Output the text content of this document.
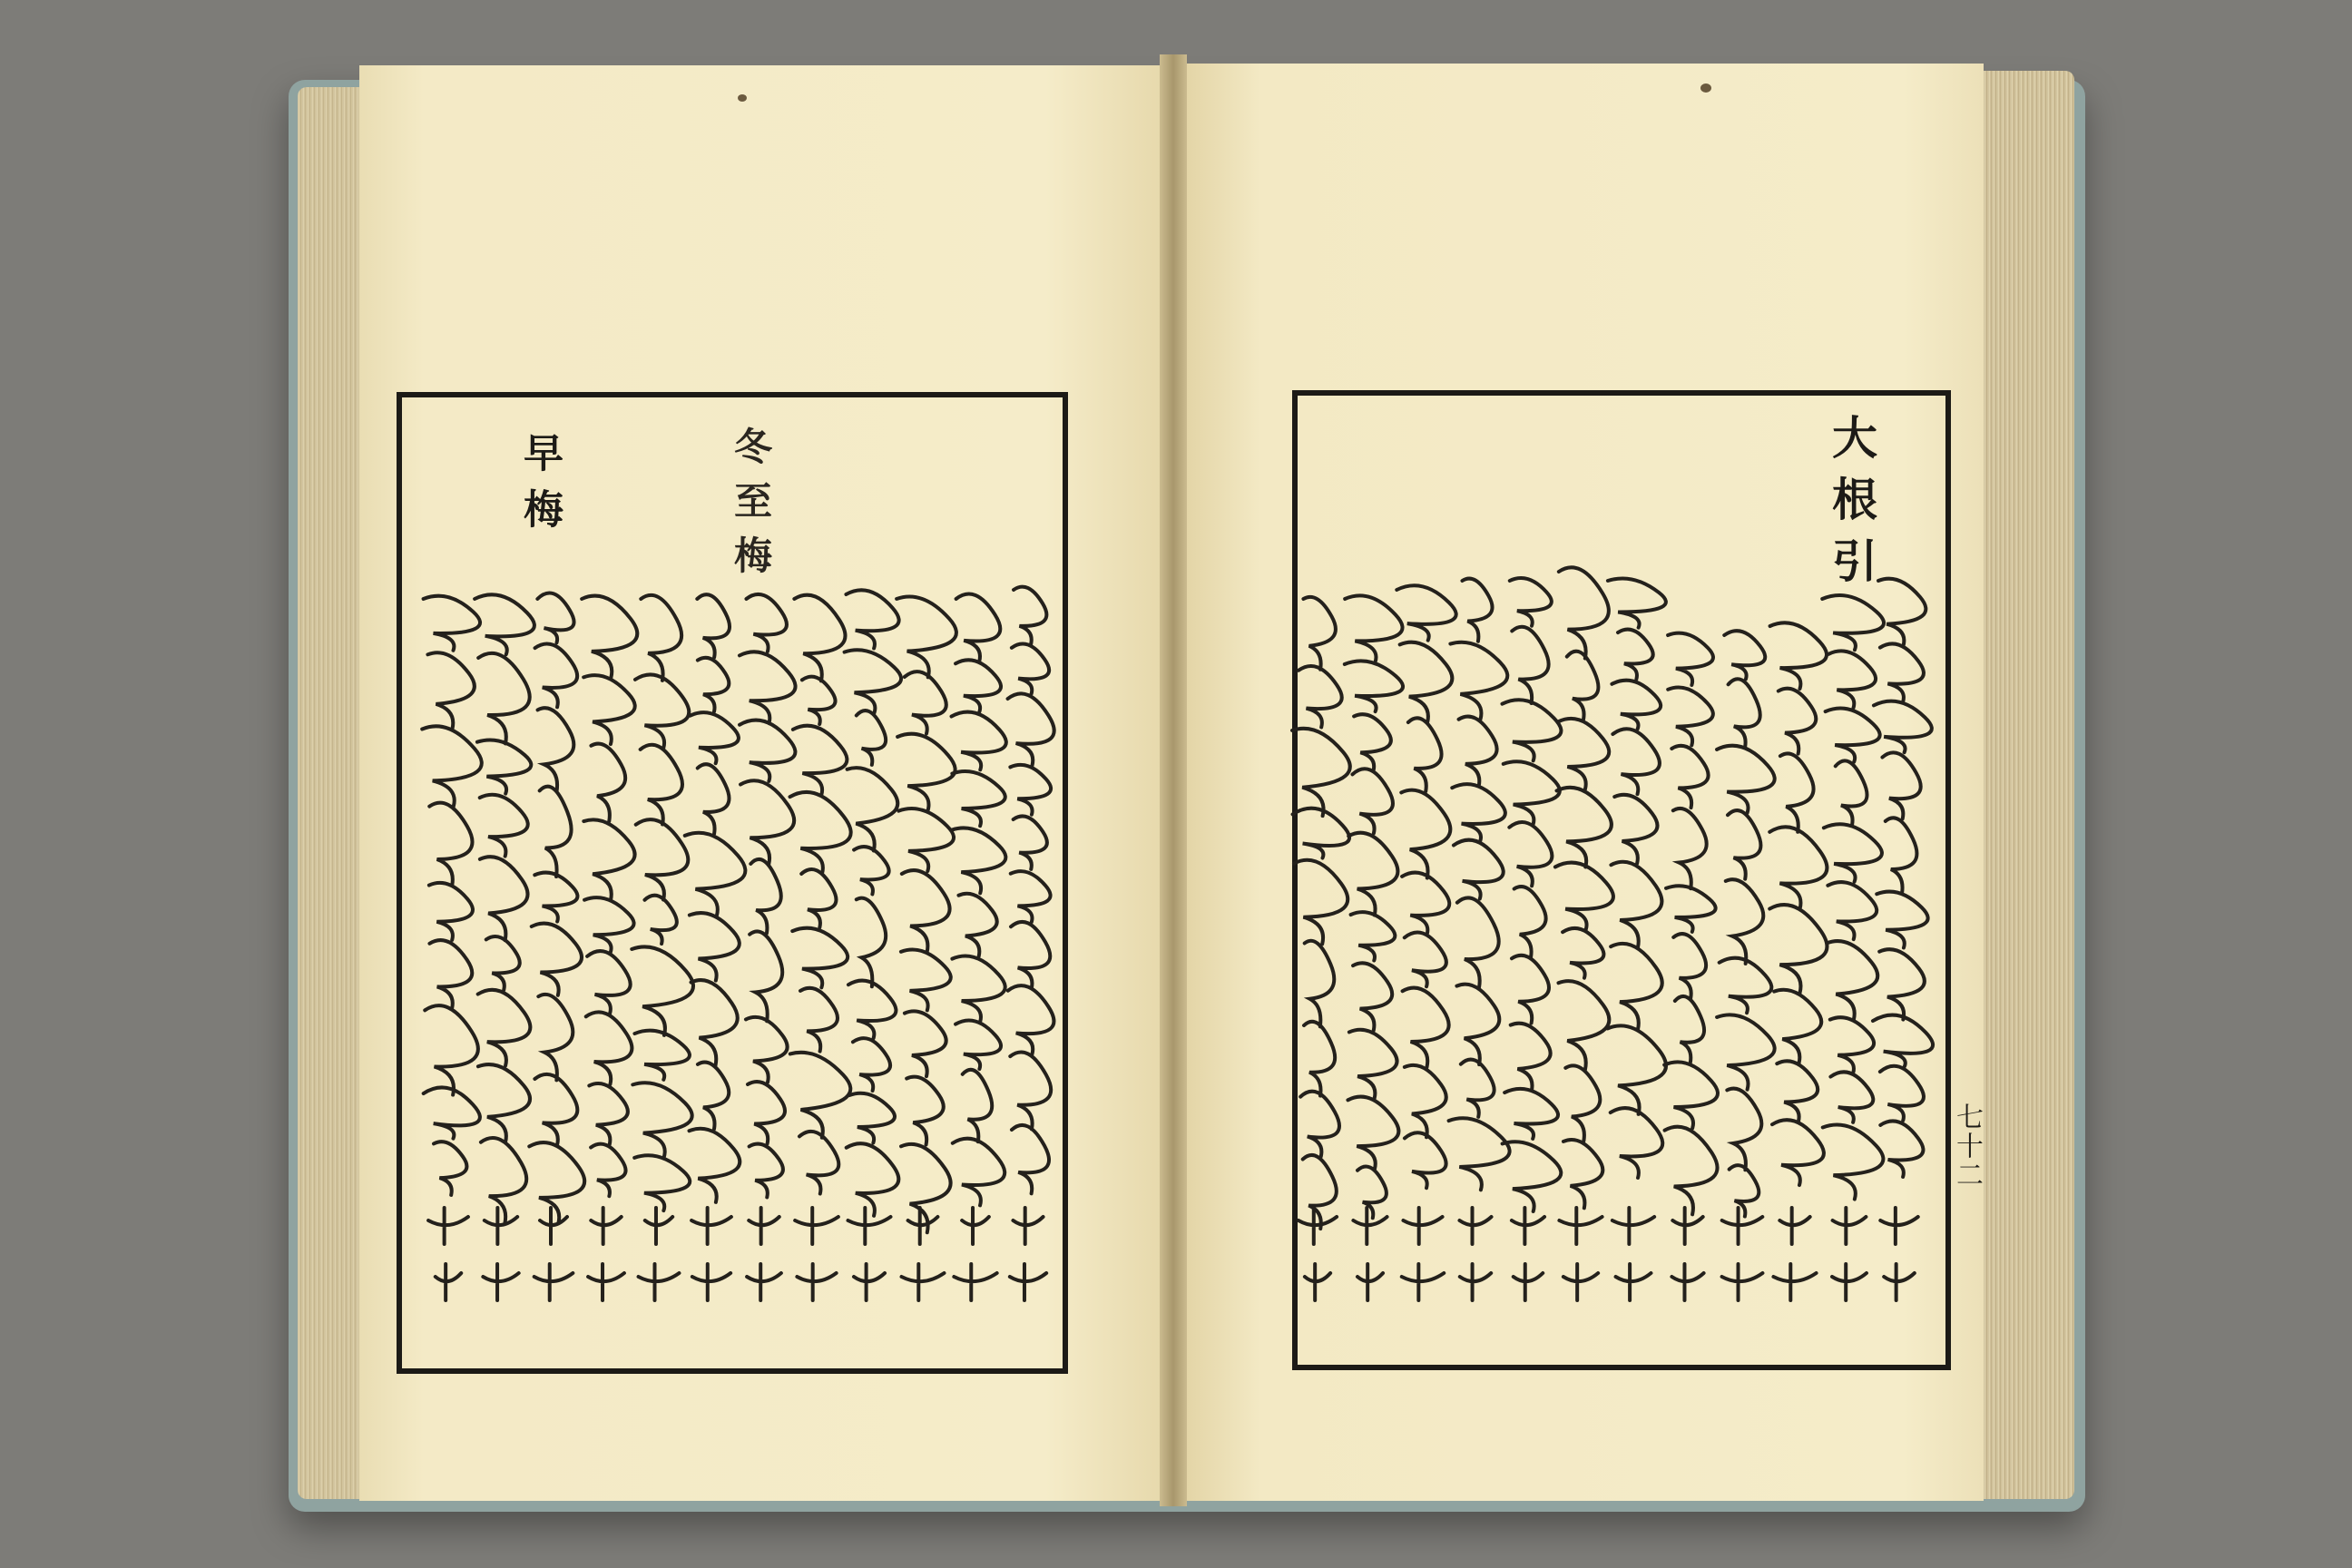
大根引
冬至梅
早梅
七十二
